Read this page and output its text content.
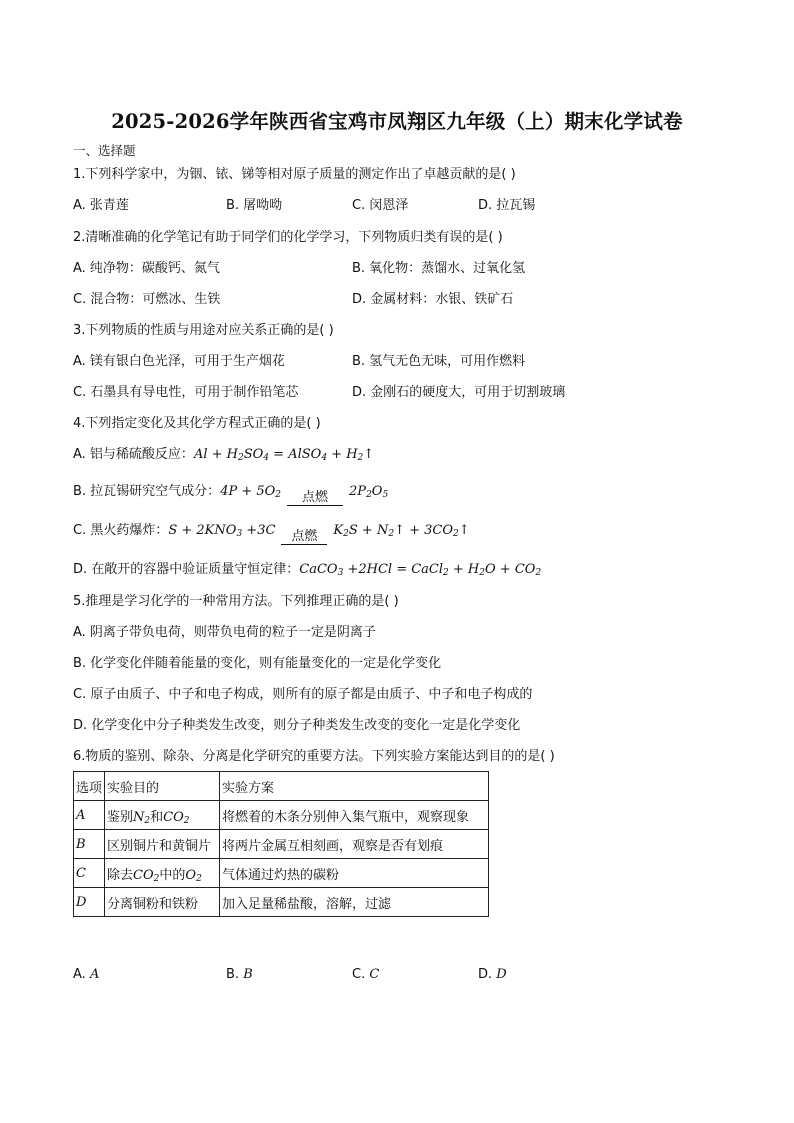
2025-2026学年陕西省宝鸡市凤翔区九年级（上）期末化学试卷
一、选择题
1.下列科学家中，为铟、铱、锑等相对原子质量的测定作出了卓越贡献的是( )
A. 张青莲	B. 屠呦呦	C. 闵恩泽	D. 拉瓦锡
2.清晰准确的化学笔记有助于同学们的化学学习，下列物质归类有误的是( )
A. 纯净物：碳酸钙、氮气	B. 氧化物：蒸馏水、过氧化氢
C. 混合物：可燃冰、生铁	D. 金属材料：水银、铁矿石
3.下列物质的性质与用途对应关系正确的是( )
A. 镁有银白色光泽，可用于生产烟花	B. 氢气无色无味，可用作燃料
C. 石墨具有导电性，可用于制作铅笔芯	D. 金刚石的硬度大，可用于切割玻璃
4.下列指定变化及其化学方程式正确的是( )
A. 铝与稀硫酸反应：$Al + H_2SO_4$ = AlSO$_4$ + $H_2↑$
B. 拉瓦锡研究空气成分：$4P + 5O_2$	点燃	$2P_2O_5$
C. 黑火药爆炸：$S + 2KNO_3 +3C$	点燃	$K_2S$ + $N_2↑$ + $3CO_2↑$
D. 在敞开的容器中验证质量守恒定律：CaCO$_3$ +2HCl = CaCl$_2$ + $H_2O + CO_2$
5.推理是学习化学的一种常用方法。下列推理正确的是( )
A. 阴离子带负电荷，则带负电荷的粒子一定是阴离子
B. 化学变化伴随着能量的变化，则有能量变化的一定是化学变化
C. 原子由质子、中子和电子构成，则所有的原子都是由质子、中子和电子构成的
D. 化学变化中分子种类发生改变，则分子种类发生改变的变化一定是化学变化
6.物质的鉴别、除杂、分离是化学研究的重要方法。下列实验方案能达到目的的是( )
选项	实验目的	实验方案
A	鉴别$N_2$和$CO_2$	将燃着的木条分别伸入集气瓶中，观察现象
B	区别铜片和黄铜片	将两片金属互相刻画，观察是否有划痕
C	除去$CO_2$中的$O_2$	气体通过灼热的碳粉
D	分离铜粉和铁粉	加入足量稀盐酸，溶解，过滤
A. A	B. B	C. C	D. D
